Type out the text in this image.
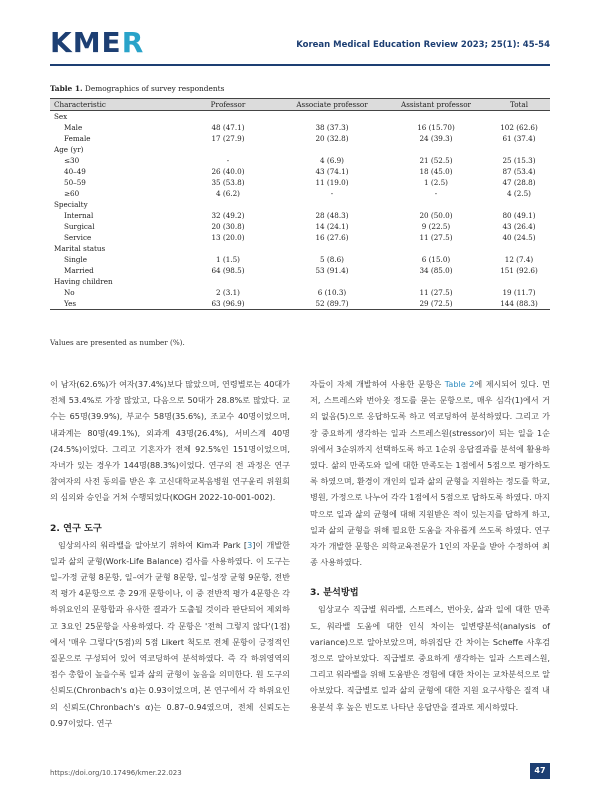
KMER	Korean Medical Education Review 2023; 25(1): 45-54
Table 1. Demographics of survey respondents
Characteristic	Professor	Associate professor	Assistant professor	Total
Sex				
Male	48 (47.1)	38 (37.3)	16 (15.70)	102 (62.6)
Female	17 (27.9)	20 (32.8)	24 (39.3)	61 (37.4)
Age (yr)				
≤30	-	4 (6.9)	21 (52.5)	25 (15.3)
40–49	26 (40.0)	43 (74.1)	18 (45.0)	87 (53.4)
50–59	35 (53.8)	11 (19.0)	1 (2.5)	47 (28.8)
≥60	4 (6.2)	-	-	4 (2.5)
Specialty				
Internal	32 (49.2)	28 (48.3)	20 (50.0)	80 (49.1)
Surgical	20 (30.8)	14 (24.1)	9 (22.5)	43 (26.4)
Service	13 (20.0)	16 (27.6)	11 (27.5)	40 (24.5)
Marital status				
Single	1 (1.5)	5 (8.6)	6 (15.0)	12 (7.4)
Married	64 (98.5)	53 (91.4)	34 (85.0)	151 (92.6)
Having children				
No	2 (3.1)	6 (10.3)	11 (27.5)	19 (11.7)
Yes	63 (96.9)	52 (89.7)	29 (72.5)	144 (88.3)
Values are presented as number (%).

이 남자(62.6%)가 여자(37.4%)보다 많았으며, 연령별로는 40대가 전체 53.4%로 가장 많았고, 다음으로 50대가 28.8%로 많았다. 교수는 65명(39.9%), 부교수 58명(35.6%), 조교수 40명이었으며, 내과계는 80명(49.1%), 외과계 43명(26.4%), 서비스계 40명(24.5%)이었다. 그리고 기혼자가 전체 92.5%인 151명이었으며, 자녀가 있는 경우가 144명(88.3%)이었다. 연구의 전 과정은 연구 참여자의 사전 동의를 받은 후 고신대학교복음병원 연구윤리 위원회의 심의와 승인을 거쳐 수행되었다(KOGH 2022-10-001-002).

2. 연구 도구

임상의사의 워라밸을 알아보기 위하여 Kim과 Park [3]이 개발한 일과 삶의 균형(Work-Life Balance) 검사를 사용하였다. 이 도구는 일–가정 균형 8문항, 일–여가 균형 8문항, 일–성장 균형 9문항, 전반적 평가 4문항으로 총 29개 문항이나, 이 중 전반적 평가 4문항은 각 하위요인의 문항합과 유사한 결과가 도출될 것이라 판단되어 제외하고 3요인 25문항을 사용하였다. 각 문항은 '전혀 그렇지 않다'(1점)에서 '매우 그렇다'(5점)의 5점 Likert 척도로 전체 문항이 긍정적인 질문으로 구성되어 있어 역코딩하여 분석하였다. 즉 각 하위영역의 점수 총합이 높을수록 일과 삶의 균형이 높음을 의미한다. 원 도구의 신뢰도(Chronbach's α)는 0.93이었으며, 본 연구에서 각 하위요인의 신뢰도(Chronbach's α)는 0.87–0.94였으며, 전체 신뢰도는 0.97이었다. 연구

자들이 자체 개발하여 사용한 문항은 Table 2에 제시되어 있다. 먼저, 스트레스와 번아웃 정도를 묻는 문항으로, 매우 심각(1)에서 거의 없음(5)으로 응답하도록 하고 역코딩하여 분석하였다. 그리고 가장 중요하게 생각하는 일과 스트레스원(stressor)이 되는 일을 1순위에서 3순위까지 선택하도록 하고 1순위 응답결과를 분석에 활용하였다. 삶의 만족도와 일에 대한 만족도는 1점에서 5점으로 평가하도록 하였으며, 환경이 개인의 일과 삶의 균형을 지원하는 정도를 학교, 병원, 가정으로 나누어 각각 1점에서 5점으로 답하도록 하였다. 마지막으로 일과 삶의 균형에 대해 지원받은 적이 있는지를 답하게 하고, 일과 삶의 균형을 위해 필요한 도움을 자유롭게 쓰도록 하였다. 연구자가 개발한 문항은 의학교육전문가 1인의 자문을 받아 수정하여 최종 사용하였다.

3. 분석방법

임상교수 직급별 워라밸, 스트레스, 번아웃, 삶과 일에 대한 만족도, 워라밸 도움에 대한 인식 차이는 일변량분석(analysis of variance)으로 알아보았으며, 하위집단 간 차이는 Scheffe 사후검정으로 알아보았다. 직급별로 중요하게 생각하는 일과 스트레스원, 그리고 워라밸을 위해 도움받은 경험에 대한 차이는 교차분석으로 알아보았다. 직급별로 일과 삶의 균형에 대한 지원 요구사항은 질적 내용분석 후 높은 빈도로 나타난 응답만을 결과로 제시하였다.

https://doi.org/10.17496/kmer.22.023	47
